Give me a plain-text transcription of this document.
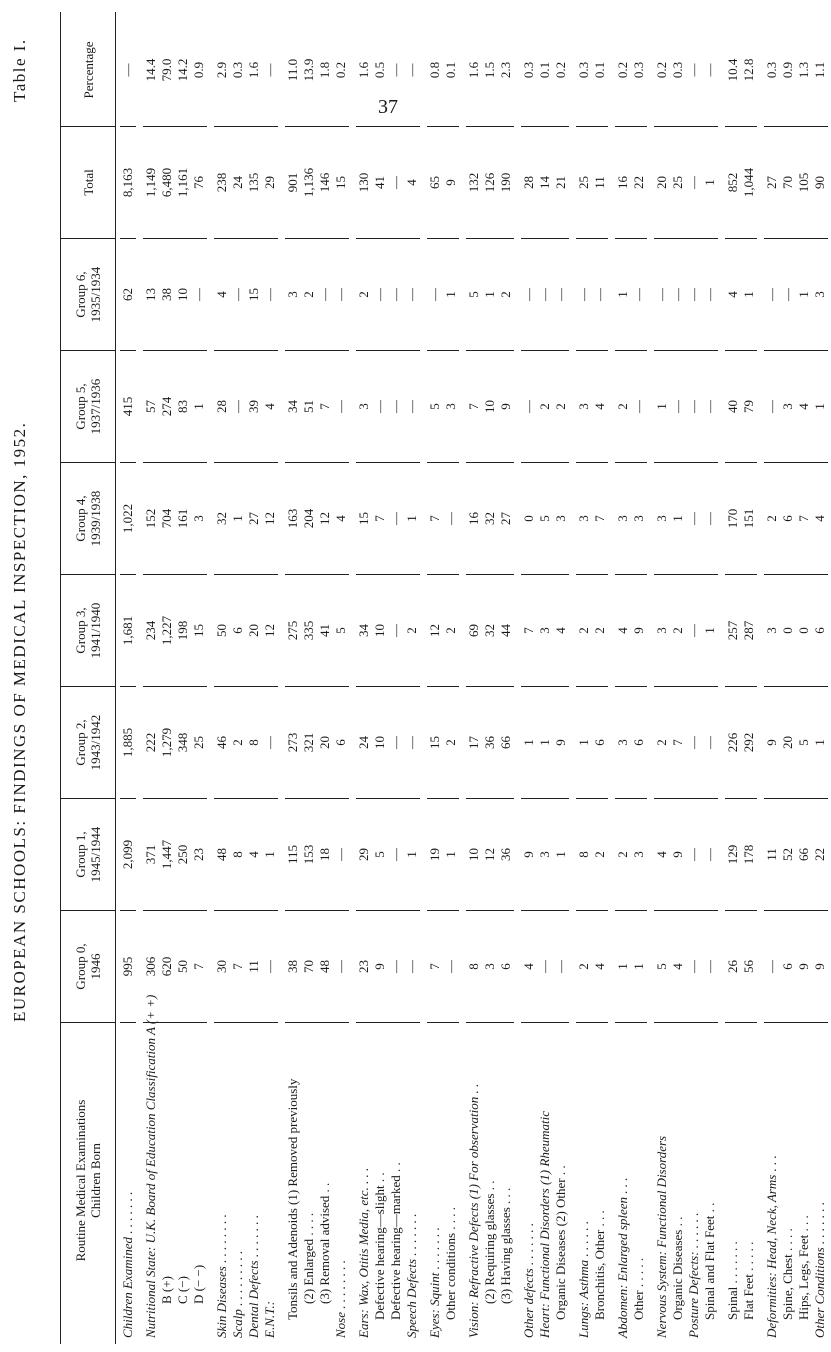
37
EUROPEAN SCHOOLS: FINDINGS OF MEDICAL INSPECTION, 1952.
Table I.
Routine Medical Examinations
Children Born
Group 0,
1946
Group 1,
1945/1944
Group 2,
1943/1942
Group 3,
1941/1940
Group 4,
1939/1938
Group 5,
1937/1936
Group 6,
1935/1934
Total
Percentage
Children Examined . . . . . . .
995
2,099
1,885
1,681
1,022
415
62
8,163
—
Nutritional State: U.K. Board of Education Classification A (+ +) B (+) C (−) D (− −)
306 620 50 7
371 1,447 250 23
222 1,279 348 25
234 1,227 198 15
152 704 161 3
57 274 83 1
13 38 10 —
1,149 6,480 1,161 76
14.4 79.0 14.2 0.9
Skin Diseases . . . . . . . . Scalp . . . . . . . . . Dental Defects . . . . . . . E.N.T.:
30 7 11 —
48 8 4 1
46 2 8 —
50 6 20 12
32 1 27 12
28 — 39 4
4 — 15 —
238 24 135 29
2.9 0.3 1.6 —
Tonsils and Adenoids (1) Removed previously (2) Enlarged . . . . (3) Removal advised . . Nose . . . . . . . .
38 70 48 —
115 153 18 —
273 321 20 6
275 335 41 5
163 204 12 4
34 51 7 —
3 2 — —
901 1,136 146 15
11.0 13.9 1.8 0.2
Ears: Wax, Otitis Media, etc. . . . Defective hearing—slight . . Defective hearing—marked . . Speech Defects . . . . . . .
23 9 — —
29 5 — 1
24 10 — —
34 10 — 2
15 7 — 1
3 — — —
2 — — —
130 41 — 4
1.6 0.5 — —
Eyes: Squint . . . . . . . Other conditions . . . .
7 —
19 1
15 2
12 2
7 —
5 3
— 1
65 9
0.8 0.1
Vision: Refractive Defects (1) For observation . . (2) Requiring glasses . . (3) Having glasses . . .
8 3 6
10 12 36
17 36 66
69 32 44
16 32 27
7 10 9
5 1 2
132 126 190
1.6 1.5 2.3
Other defects . . . . . . . Heart: Functional Disorders (1) Rheumatic Organic Diseases (2) Other . .
4 — —
9 3 1
1 1 9
7 3 4
0 5 3
— 2 2
— — —
28 14 21
0.3 0.1 0.2
Lungs: Asthma . . . . . . Bronchitis, Other . . .
2 4
8 2
1 6
2 2
3 7
3 4
— —
25 11
0.3 0.1
Abdomen: Enlarged spleen . . . Other . . . . .
1 1
2 3
3 6
4 9
3 3
2 —
1 —
16 22
0.2 0.3
Nervous System: Functional Disorders Organic Diseases . . Posture Defects: . . . . . . Spinal and Flat Feet . .
5 4 — —
4 9 — —
2 7 — —
3 2 — 1
3 1 — —
1 — — —
— — — —
20 25 — 1
0.2 0.3 — —
Spinal . . . . . . . Flat Feet . . . . .
26 56
129 178
226 292
257 287
170 151
40 79
4 1
852 1,044
10.4 12.8
Deformities: Head, Neck, Arms . . . Spine, Chest . . . . Hips, Legs, Feet . . . Other Conditions . . . . . . .
— 6 9 9
11 52 66 22
9 20 5 1
3 0 0 6
2 6 7 4
— 3 4 1
— — 1 3
27 70 105 90
0.3 0.9 1.3 1.1
